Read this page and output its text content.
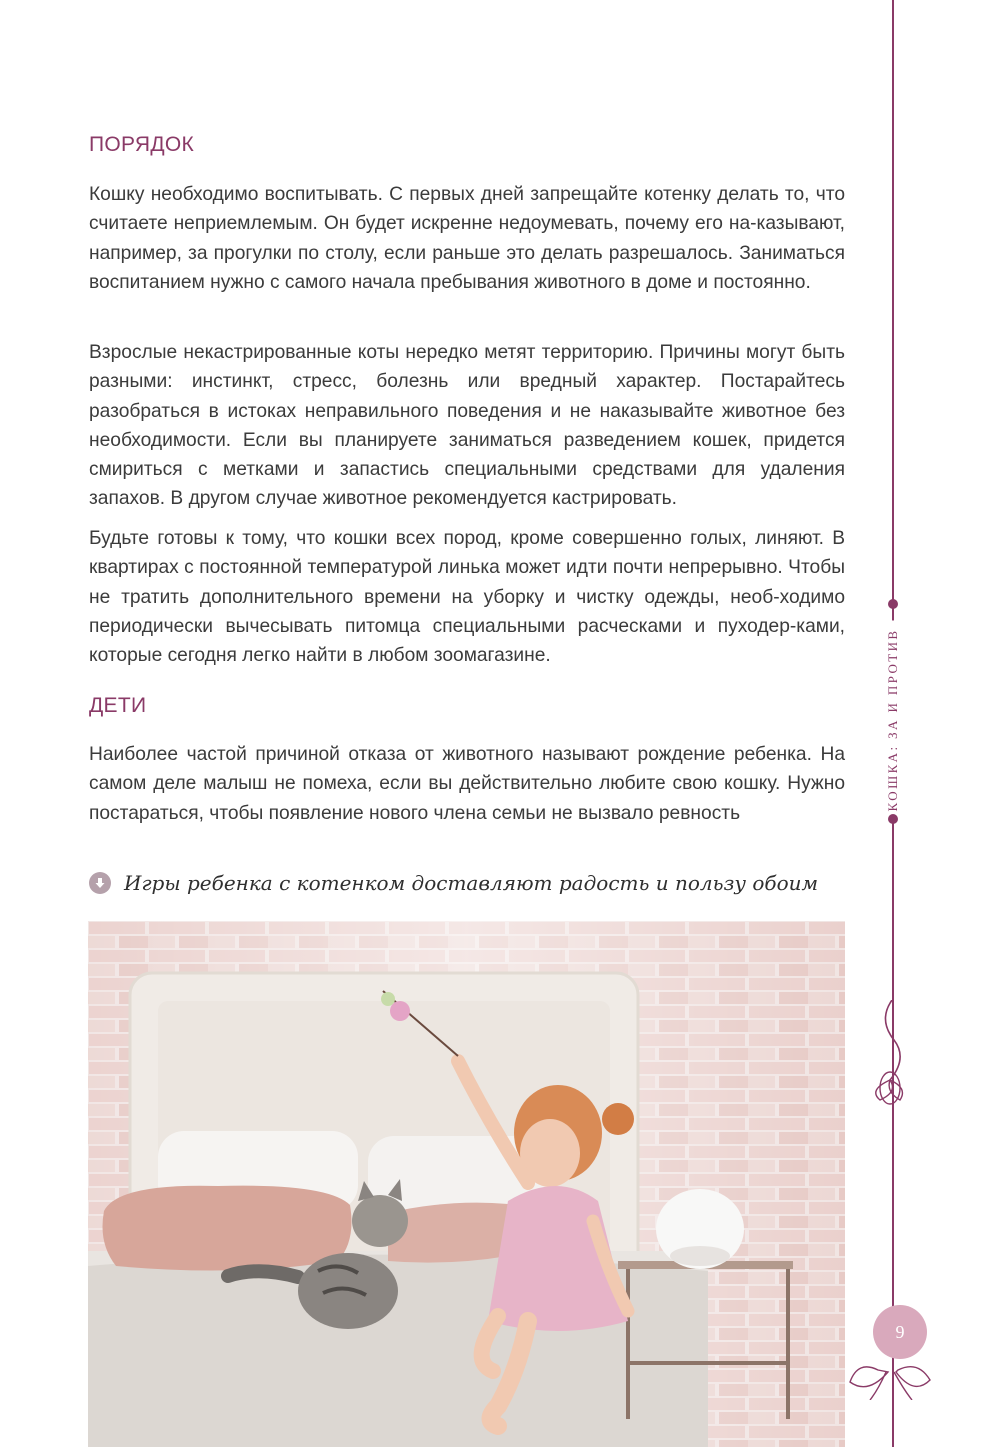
ПОРЯДОК

Кошку необходимо воспитывать. С первых дней запрещайте котенку делать то, что считаете неприемлемым. Он будет искренне недоумевать, почему его на-казывают, например, за прогулки по столу, если раньше это делать разрешалось. Заниматься воспитанием нужно с самого начала пребывания животного в доме и постоянно.

Взрослые некастрированные коты нередко метят территорию. Причины могут быть разными: инстинкт, стресс, болезнь или вредный характер. Постарайтесь разобраться в истоках неправильного поведения и не наказывайте животное без необходимости. Если вы планируете заниматься разведением кошек, придется смириться с метками и запастись специальными средствами для удаления запахов. В другом случае животное рекомендуется кастрировать.

Будьте готовы к тому, что кошки всех пород, кроме совершенно голых, линяют. В квартирах с постоянной температурой линька может идти почти непрерывно. Чтобы не тратить дополнительного времени на уборку и чистку одежды, необ-ходимо периодически вычесывать питомца специальными расческами и пуходер-ками, которые сегодня легко найти в любом зоомагазине.

ДЕТИ

Наиболее частой причиной отказа от животного называют рождение ребенка. На самом деле малыш не помеха, если вы действительно любите свою кошку. Нужно постараться, чтобы появление нового члена семьи не вызвало ревность

Игры ребенка с котенком доставляют радость и пользу обоим
КОШКА: ЗА И ПРОТИВ
9
